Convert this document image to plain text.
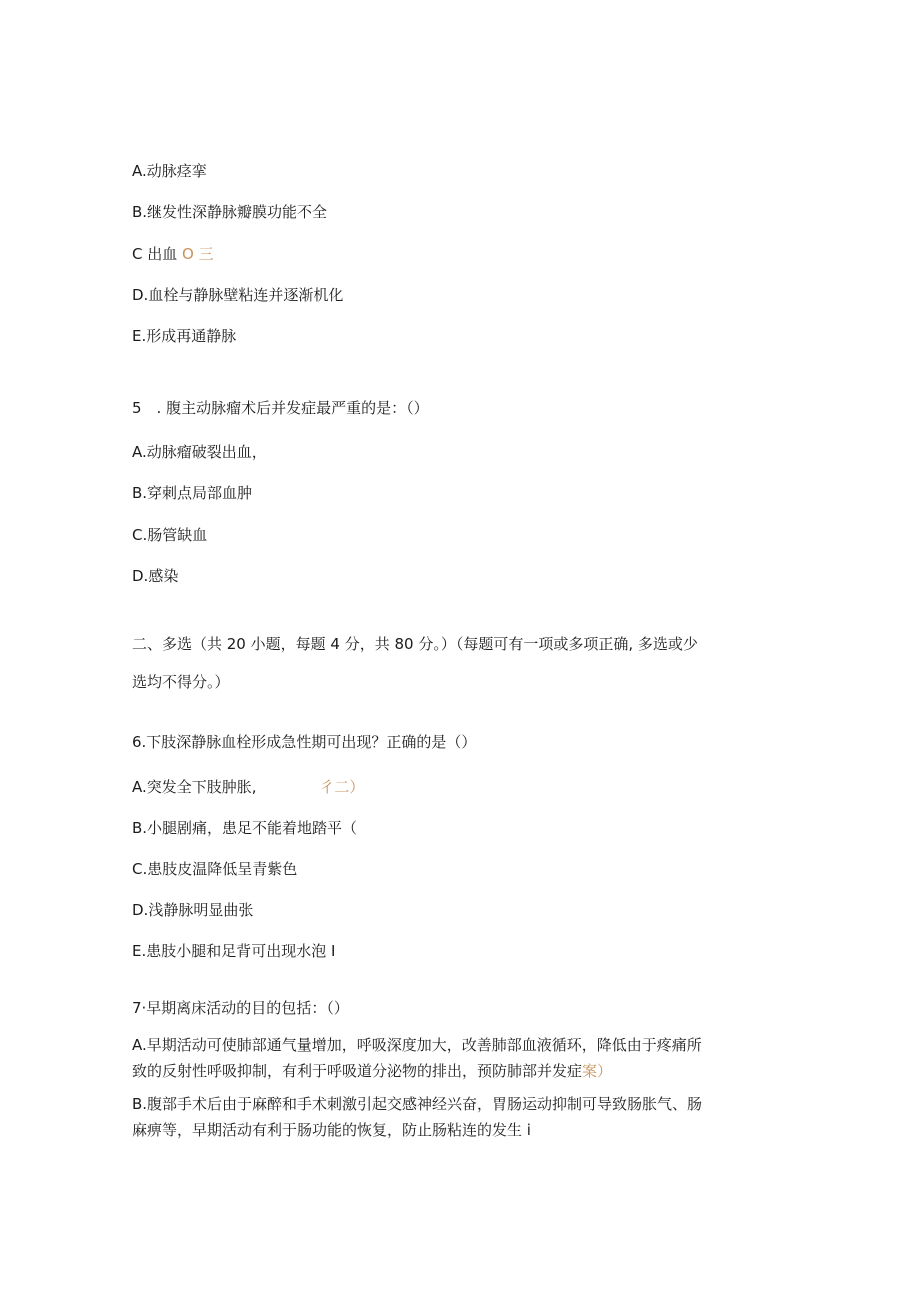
A.动脉痉挛
B.继发性深静脉瓣膜功能不全
C 出血 O 三
D.血栓与静脉壁粘连并逐渐机化
E.形成再通静脉
5　. 腹主动脉瘤术后并发症最严重的是：（）
A.动脉瘤破裂出血，
B.穿刺点局部血肿
C.肠管缺血
D.感染
二、多选（共 20 小题，每题 4 分，共 80 分。）（每题可有一项或多项正确, 多选或少
选均不得分。）
6.下肢深静脉血栓形成急性期可出现？正确的是（）
A.突发全下肢肿胀,	彳二）
B.小腿剧痛，患足不能着地踏平（
C.患肢皮温降低呈青紫色
D.浅静脉明显曲张
E.患肢小腿和足背可出现水泡 I
7·早期离床活动的目的包括：（）
A.早期活动可使肺部通气量增加，呼吸深度加大，改善肺部血液循环，降低由于疼痛所
致的反射性呼吸抑制，有利于呼吸道分泌物的排出，预防肺部并发症案）
B.腹部手术后由于麻醉和手术刺激引起交感神经兴奋，胃肠运动抑制可导致肠胀气、肠
麻痹等，早期活动有利于肠功能的恢复，防止肠粘连的发生 i
